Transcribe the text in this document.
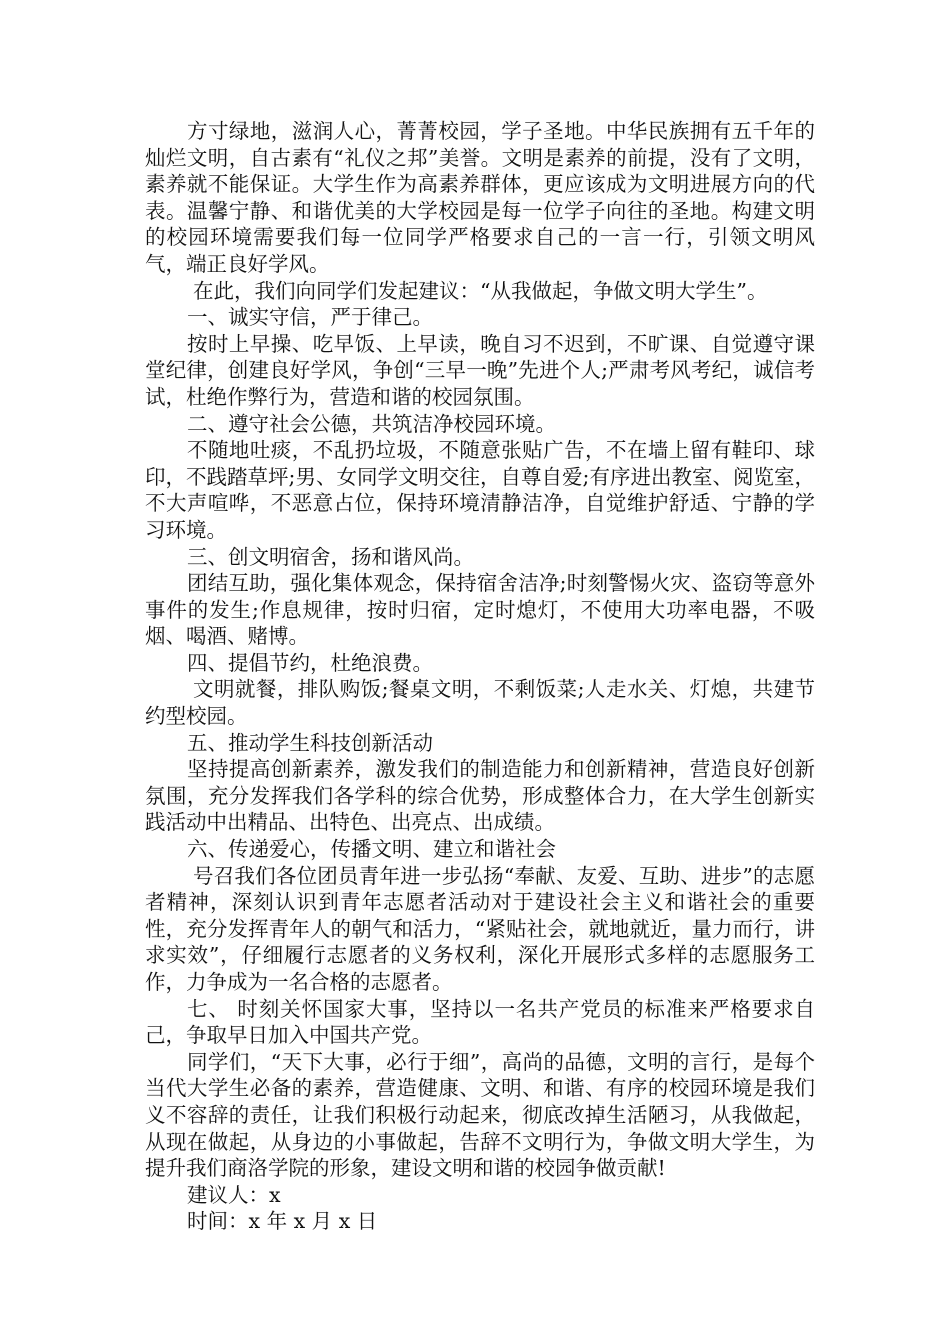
方寸绿地，滋润人心，菁菁校园，学子圣地。中华民族拥有五千年的灿烂文明，自古素有“礼仪之邦”美誉。文明是素养的前提，没有了文明，素养就不能保证。大学生作为高素养群体，更应该成为文明进展方向的代表。温馨宁静、和谐优美的大学校园是每一位学子向往的圣地。构建文明的校园环境需要我们每一位同学严格要求自己的一言一行，引领文明风气，端正良好学风。

在此，我们向同学们发起建议：“从我做起，争做文明大学生”。

一、诚实守信，严于律己。

按时上早操、吃早饭、上早读，晚自习不迟到，不旷课、自觉遵守课堂纪律，创建良好学风，争创“三早一晚”先进个人;严肃考风考纪，诚信考试，杜绝作弊行为，营造和谐的校园氛围。

二、遵守社会公德，共筑洁净校园环境。

不随地吐痰，不乱扔垃圾，不随意张贴广告，不在墙上留有鞋印、球印，不践踏草坪;男、女同学文明交往，自尊自爱;有序进出教室、阅览室，不大声喧哗，不恶意占位，保持环境清静洁净，自觉维护舒适、宁静的学习环境。

三、创文明宿舍，扬和谐风尚。

团结互助，强化集体观念，保持宿舍洁净;时刻警惕火灾、盗窃等意外事件的发生;作息规律，按时归宿，定时熄灯，不使用大功率电器，不吸烟、喝酒、赌博。

四、提倡节约，杜绝浪费。

文明就餐，排队购饭;餐桌文明，不剩饭菜;人走水关、灯熄，共建节约型校园。

五、推动学生科技创新活动

坚持提高创新素养，激发我们的制造能力和创新精神，营造良好创新氛围，充分发挥我们各学科的综合优势，形成整体合力，在大学生创新实践活动中出精品、出特色、出亮点、出成绩。

六、传递爱心，传播文明、建立和谐社会

号召我们各位团员青年进一步弘扬“奉献、友爱、互助、进步”的志愿者精神，深刻认识到青年志愿者活动对于建设社会主义和谐社会的重要性，充分发挥青年人的朝气和活力，“紧贴社会，就地就近，量力而行，讲求实效”，仔细履行志愿者的义务权利，深化开展形式多样的志愿服务工作，力争成为一名合格的志愿者。

七、 时刻关怀国家大事，坚持以一名共产党员的标准来严格要求自己，争取早日加入中国共产党。

同学们，“天下大事，必行于细”，高尚的品德，文明的言行，是每个当代大学生必备的素养，营造健康、文明、和谐、有序的校园环境是我们义不容辞的责任，让我们积极行动起来，彻底改掉生活陋习，从我做起，从现在做起，从身边的小事做起，告辞不文明行为，争做文明大学生，为提升我们商洛学院的形象，建设文明和谐的校园争做贡献!

建议人：x

时间：x 年 x 月 x 日
